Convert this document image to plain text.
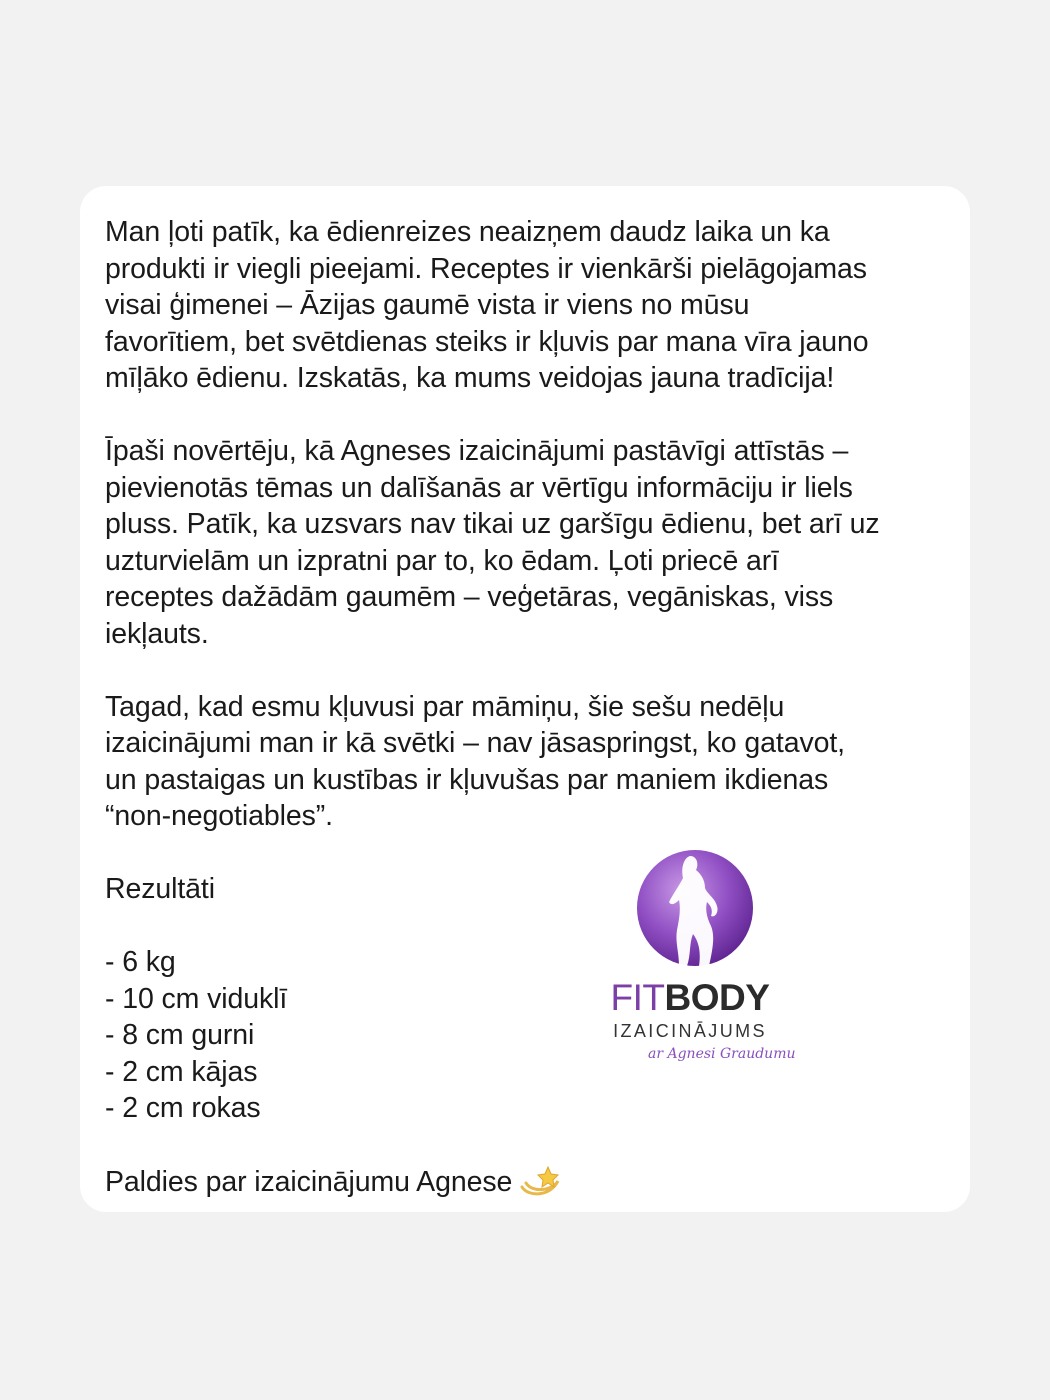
Man ļoti patīk, ka ēdienreizes neaizņem daudz laika un ka
produkti ir viegli pieejami. Receptes ir vienkārši pielāgojamas
visai ģimenei – Āzijas gaumē vista ir viens no mūsu
favorītiem, bet svētdienas steiks ir kļuvis par mana vīra jauno
mīļāko ēdienu. Izskatās, ka mums veidojas jauna tradīcija!

Īpaši novērtēju, kā Agneses izaicinājumi pastāvīgi attīstās –
pievienotās tēmas un dalīšanās ar vērtīgu informāciju ir liels
pluss. Patīk, ka uzsvars nav tikai uz garšīgu ēdienu, bet arī uz
uzturvielām un izpratni par to, ko ēdam. Ļoti priecē arī
receptes dažādām gaumēm – veģetāras, vegāniskas, viss
iekļauts.

Tagad, kad esmu kļuvusi par māmiņu, šie sešu nedēļu
izaicinājumi man ir kā svētki – nav jāsaspringst, ko gatavot,
un pastaigas un kustības ir kļuvušas par maniem ikdienas
“non-negotiables”.

Rezultāti

- 6 kg

- 10 cm viduklī

- 8 cm gurni

- 2 cm kājas

- 2 cm rokas

Paldies par izaicinājumu Agnese

FITBODY
IZAICINĀJUMS
ar Agnesi Graudumu
